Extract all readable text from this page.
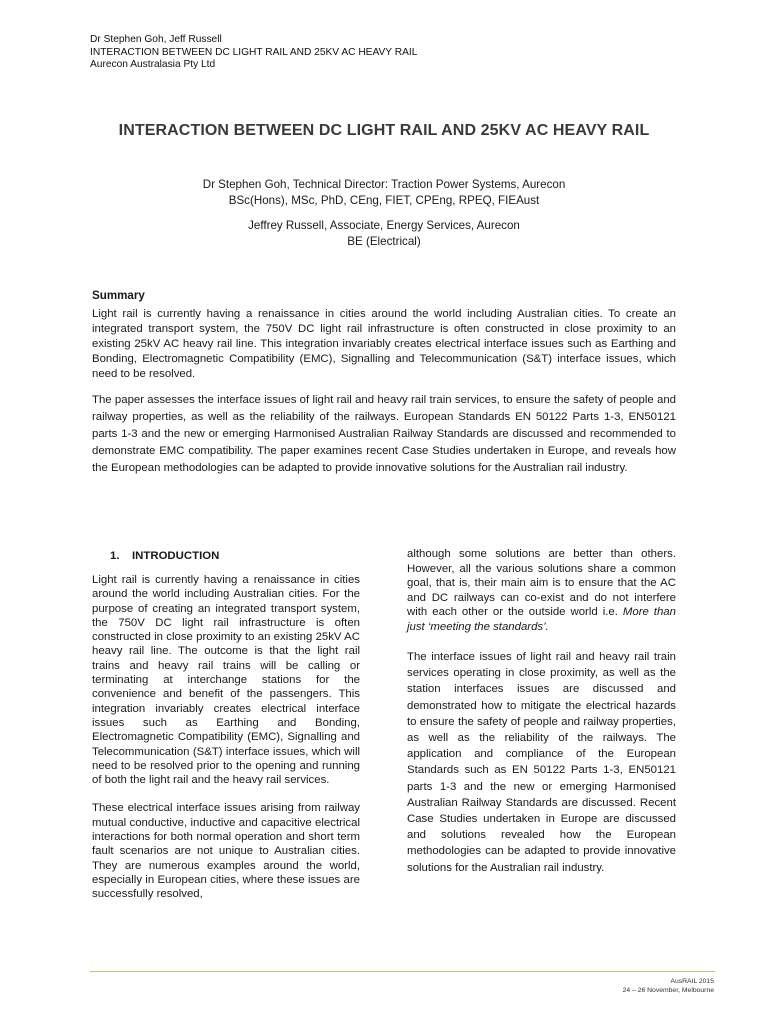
Dr Stephen Goh, Jeff Russell
INTERACTION BETWEEN DC LIGHT RAIL AND 25KV AC HEAVY RAIL
Aurecon Australasia Pty Ltd
INTERACTION BETWEEN DC LIGHT RAIL AND 25KV AC HEAVY RAIL
Dr Stephen Goh, Technical Director: Traction Power Systems, Aurecon
BSc(Hons), MSc, PhD, CEng, FIET, CPEng, RPEQ, FIEAust
Jeffrey Russell, Associate, Energy Services, Aurecon
BE (Electrical)
Summary

Light rail is currently having a renaissance in cities around the world including Australian cities. To create an integrated transport system, the 750V DC light rail infrastructure is often constructed in close proximity to an existing 25kV AC heavy rail line. This integration invariably creates electrical interface issues such as Earthing and Bonding, Electromagnetic Compatibility (EMC), Signalling and Telecommunication (S&T) interface issues, which need to be resolved.

The paper assesses the interface issues of light rail and heavy rail train services, to ensure the safety of people and railway properties, as well as the reliability of the railways. European Standards EN 50122 Parts 1-3, EN50121 parts 1-3 and the new or emerging Harmonised Australian Railway Standards are discussed and recommended to demonstrate EMC compatibility. The paper examines recent Case Studies undertaken in Europe, and reveals how the European methodologies can be adapted to provide innovative solutions for the Australian rail industry.

1. INTRODUCTION

Light rail is currently having a renaissance in cities around the world including Australian cities. For the purpose of creating an integrated transport system, the 750V DC light rail infrastructure is often constructed in close proximity to an existing 25kV AC heavy rail line. The outcome is that the light rail trains and heavy rail trains will be calling or terminating at interchange stations for the convenience and benefit of the passengers. This integration invariably creates electrical interface issues such as Earthing and Bonding, Electromagnetic Compatibility (EMC), Signalling and Telecommunication (S&T) interface issues, which will need to be resolved prior to the opening and running of both the light rail and the heavy rail services.

These electrical interface issues arising from railway mutual conductive, inductive and capacitive electrical interactions for both normal operation and short term fault scenarios are not unique to Australian cities. They are numerous examples around the world, especially in European cities, where these issues are successfully resolved,

although some solutions are better than others. However, all the various solutions share a common goal, that is, their main aim is to ensure that the AC and DC railways can co-exist and do not interfere with each other or the outside world i.e. More than just ‘meeting the standards’.

The interface issues of light rail and heavy rail train services operating in close proximity, as well as the station interfaces issues are discussed and demonstrated how to mitigate the electrical hazards to ensure the safety of people and railway properties, as well as the reliability of the railways. The application and compliance of the European Standards such as EN 50122 Parts 1-3, EN50121 parts 1-3 and the new or emerging Harmonised Australian Railway Standards are discussed. Recent Case Studies undertaken in Europe are discussed and solutions revealed how the European methodologies can be adapted to provide innovative solutions for the Australian rail industry.

AusRAIL 2015
24 – 26 November, Melbourne
